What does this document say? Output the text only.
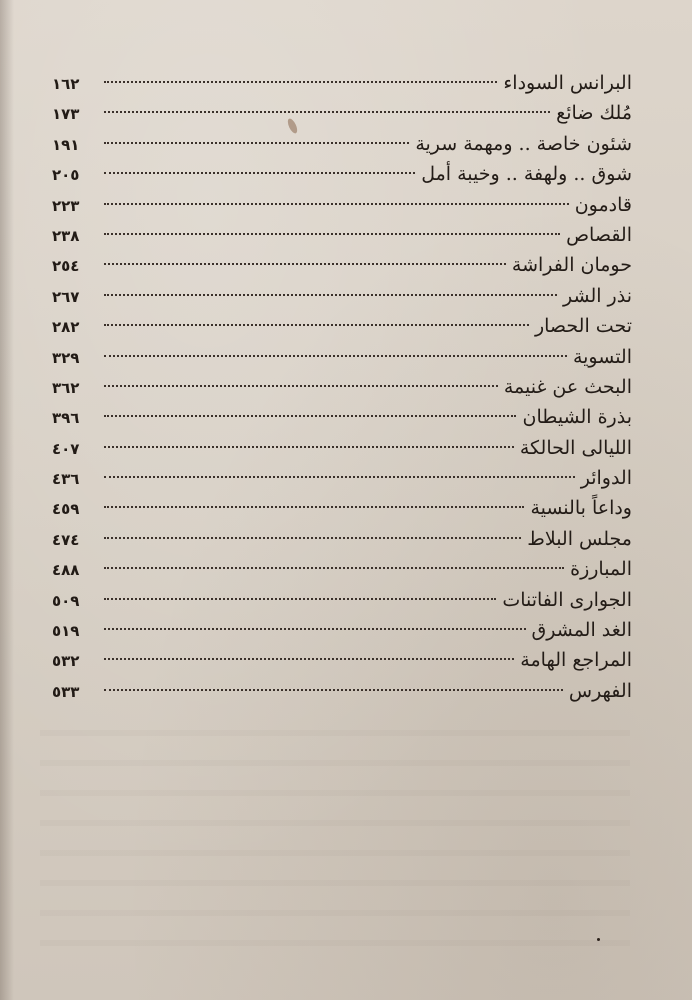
البرانس السوداء
١٦٢
مُلك ضائع
١٧٣
شئون خاصة .. ومهمة سرية
١٩١
شوق .. ولهفة .. وخيبة أمل
٢٠٥
قادمون
٢٢٣
القصاص
٢٣٨
حومان الفراشة
٢٥٤
نذر الشر
٢٦٧
تحت الحصار
٢٨٢
التسوية
٣٢٩
البحث عن غنيمة
٣٦٢
بذرة الشيطان
٣٩٦
الليالى الحالكة
٤٠٧
الدوائر
٤٣٦
وداعاً بالنسية
٤٥٩
مجلس البلاط
٤٧٤
المبارزة
٤٨٨
الجوارى الفاتنات
٥٠٩
الغد المشرق
٥١٩
المراجع الهامة
٥٣٢
الفهرس
٥٣٣
